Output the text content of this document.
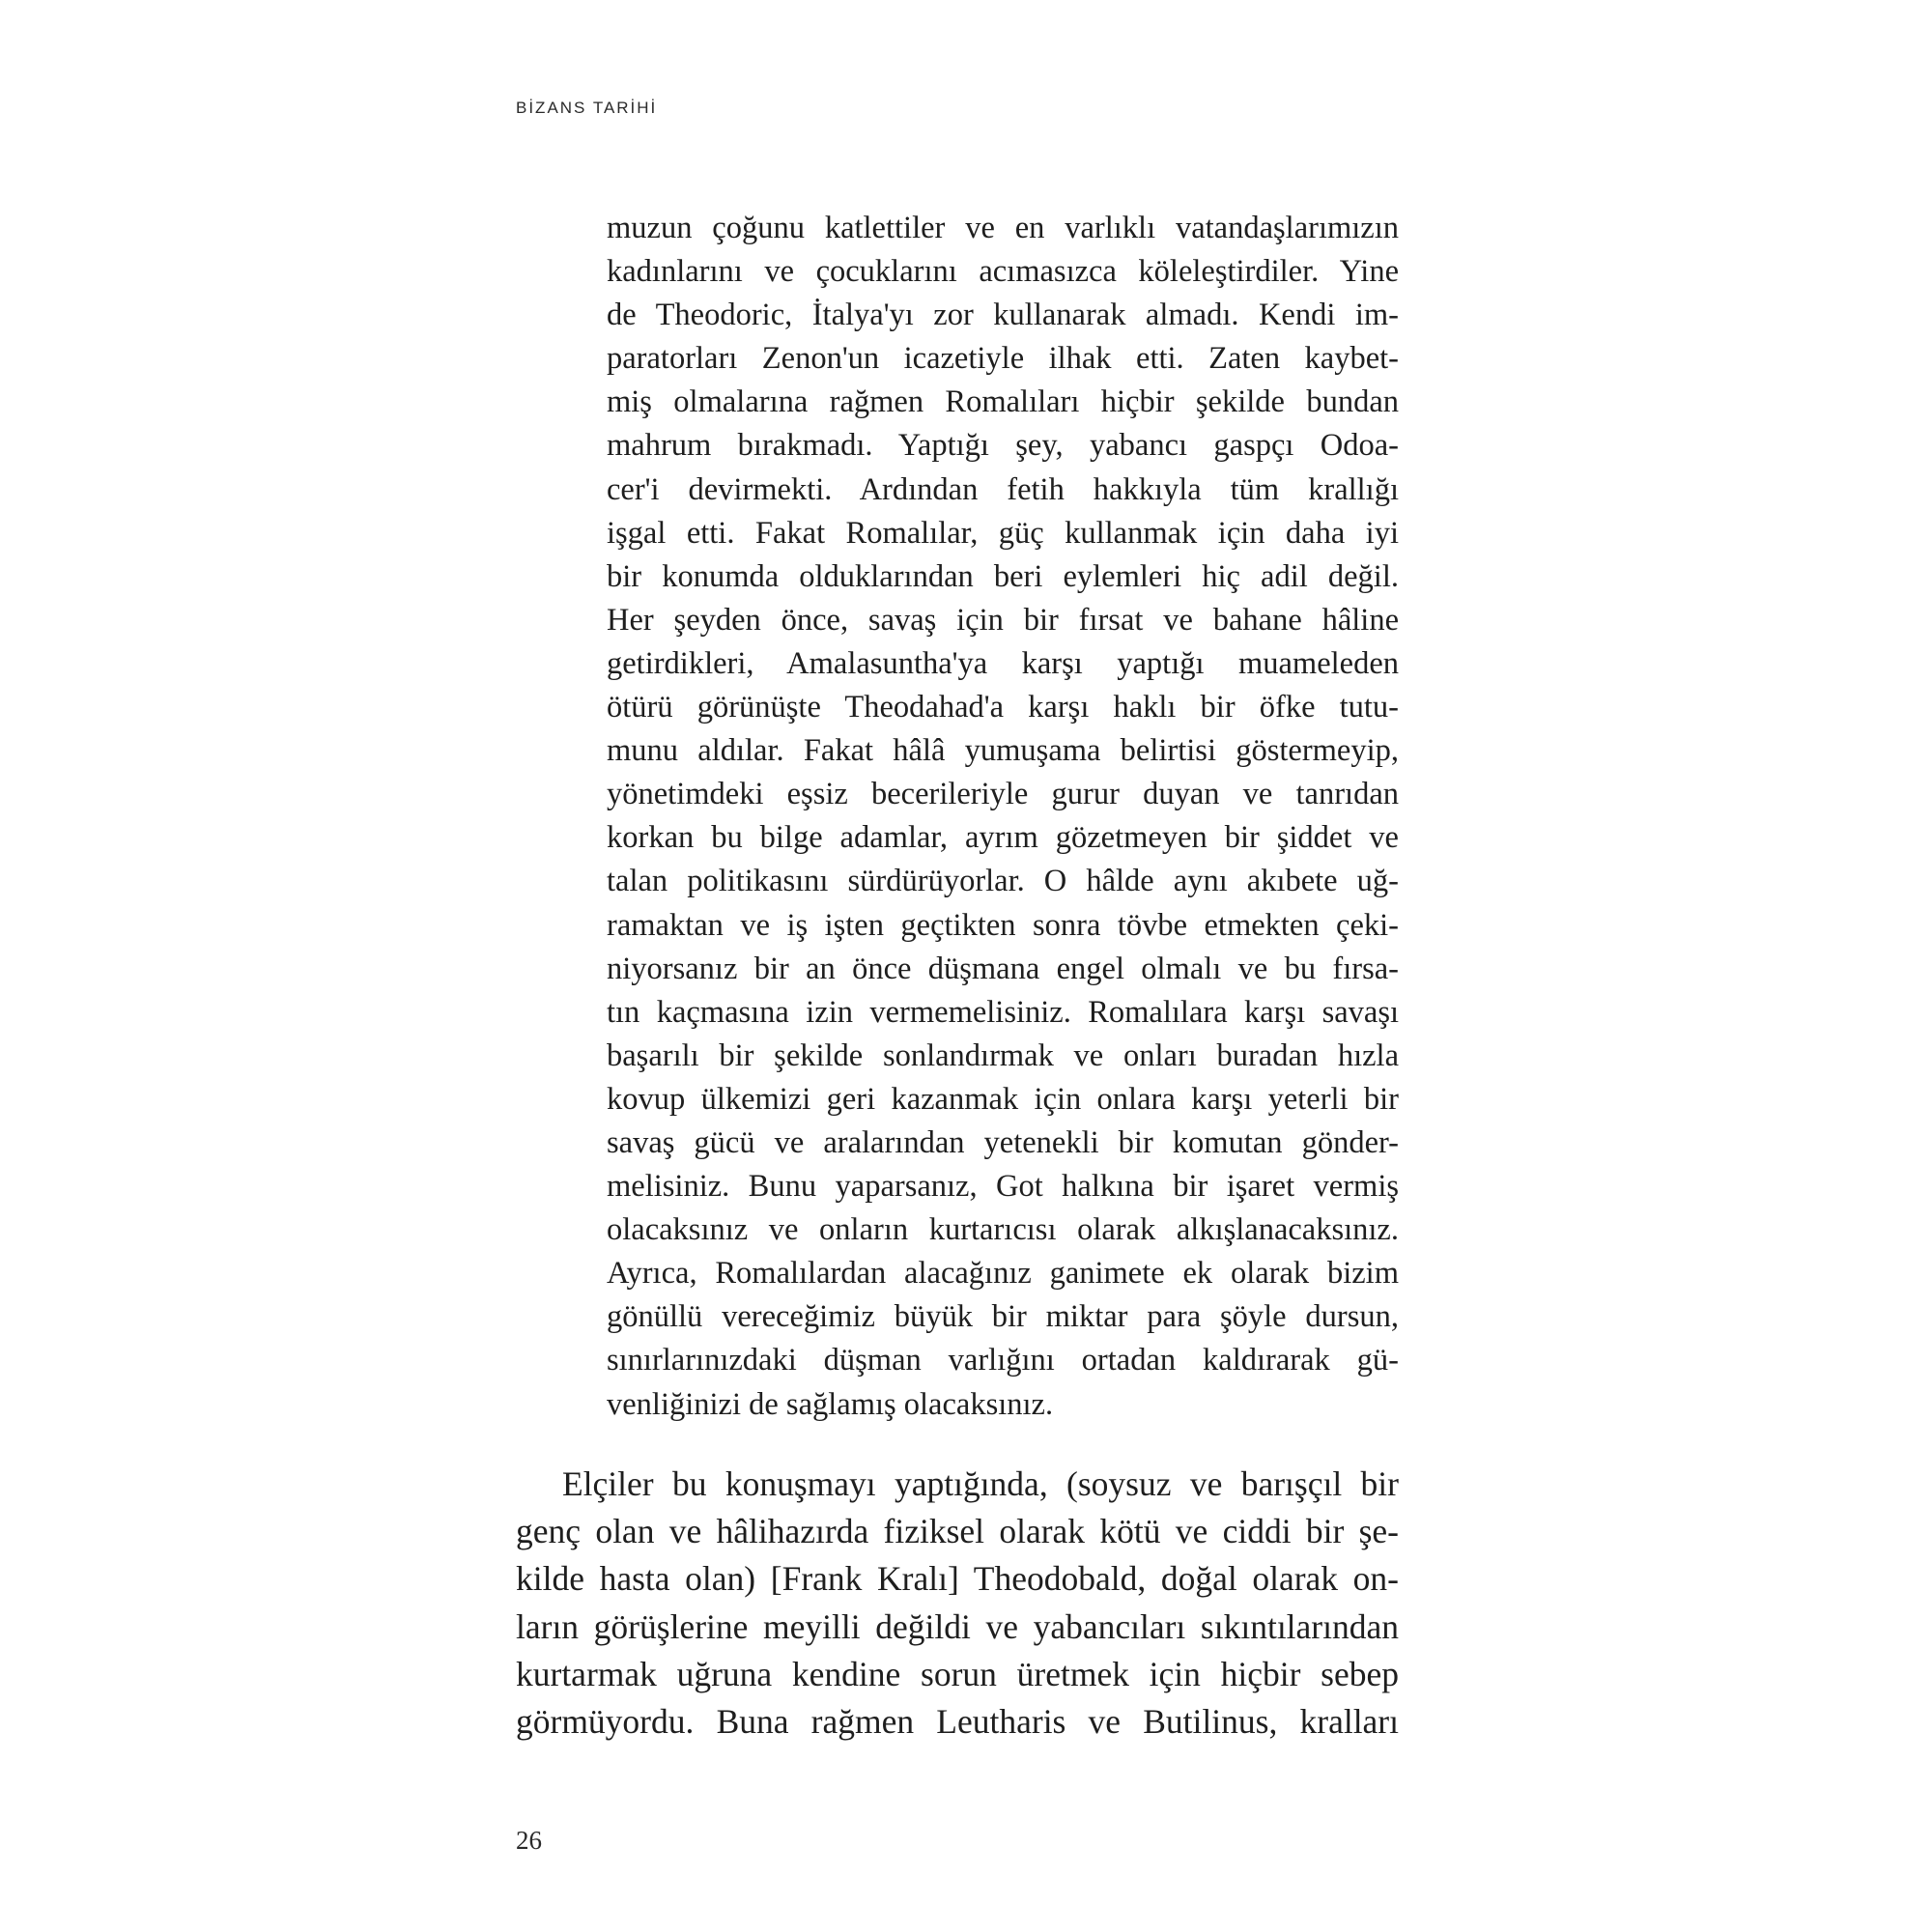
BİZANS TARİHİ
muzun çoğunu katlettiler ve en varlıklı vatandaşlarımızın
kadınlarını ve çocuklarını acımasızca köleleştirdiler. Yine
de Theodoric, İtalya'yı zor kullanarak almadı. Kendi im-
paratorları Zenon'un icazetiyle ilhak etti. Zaten kaybet-
miş olmalarına rağmen Romalıları hiçbir şekilde bundan
mahrum bırakmadı. Yaptığı şey, yabancı gaspçı Odoa-
cer'i devirmekti. Ardından fetih hakkıyla tüm krallığı
işgal etti. Fakat Romalılar, güç kullanmak için daha iyi
bir konumda olduklarından beri eylemleri hiç adil değil.
Her şeyden önce, savaş için bir fırsat ve bahane hâline
getirdikleri, Amalasuntha'ya karşı yaptığı muameleden
ötürü görünüşte Theodahad'a karşı haklı bir öfke tutu-
munu aldılar. Fakat hâlâ yumuşama belirtisi göstermeyip,
yönetimdeki eşsiz becerileriyle gurur duyan ve tanrıdan
korkan bu bilge adamlar, ayrım gözetmeyen bir şiddet ve
talan politikasını sürdürüyorlar. O hâlde aynı akıbete uğ-
ramaktan ve iş işten geçtikten sonra tövbe etmekten çeki-
niyorsanız bir an önce düşmana engel olmalı ve bu fırsa-
tın kaçmasına izin vermemelisiniz. Romalılara karşı savaşı
başarılı bir şekilde sonlandırmak ve onları buradan hızla
kovup ülkemizi geri kazanmak için onlara karşı yeterli bir
savaş gücü ve aralarından yetenekli bir komutan gönder-
melisiniz. Bunu yaparsanız, Got halkına bir işaret vermiş
olacaksınız ve onların kurtarıcısı olarak alkışlanacaksınız.
Ayrıca, Romalılardan alacağınız ganimete ek olarak bizim
gönüllü vereceğimiz büyük bir miktar para şöyle dursun,
sınırlarınızdaki düşman varlığını ortadan kaldırarak gü-
venliğinizi de sağlamış olacaksınız.
Elçiler bu konuşmayı yaptığında, (soysuz ve barışçıl bir
genç olan ve hâlihazırda fiziksel olarak kötü ve ciddi bir şe-
kilde hasta olan) [Frank Kralı] Theodobald, doğal olarak on-
ların görüşlerine meyilli değildi ve yabancıları sıkıntılarından
kurtarmak uğruna kendine sorun üretmek için hiçbir sebep
görmüyordu. Buna rağmen Leutharis ve Butilinus, kralları
26
